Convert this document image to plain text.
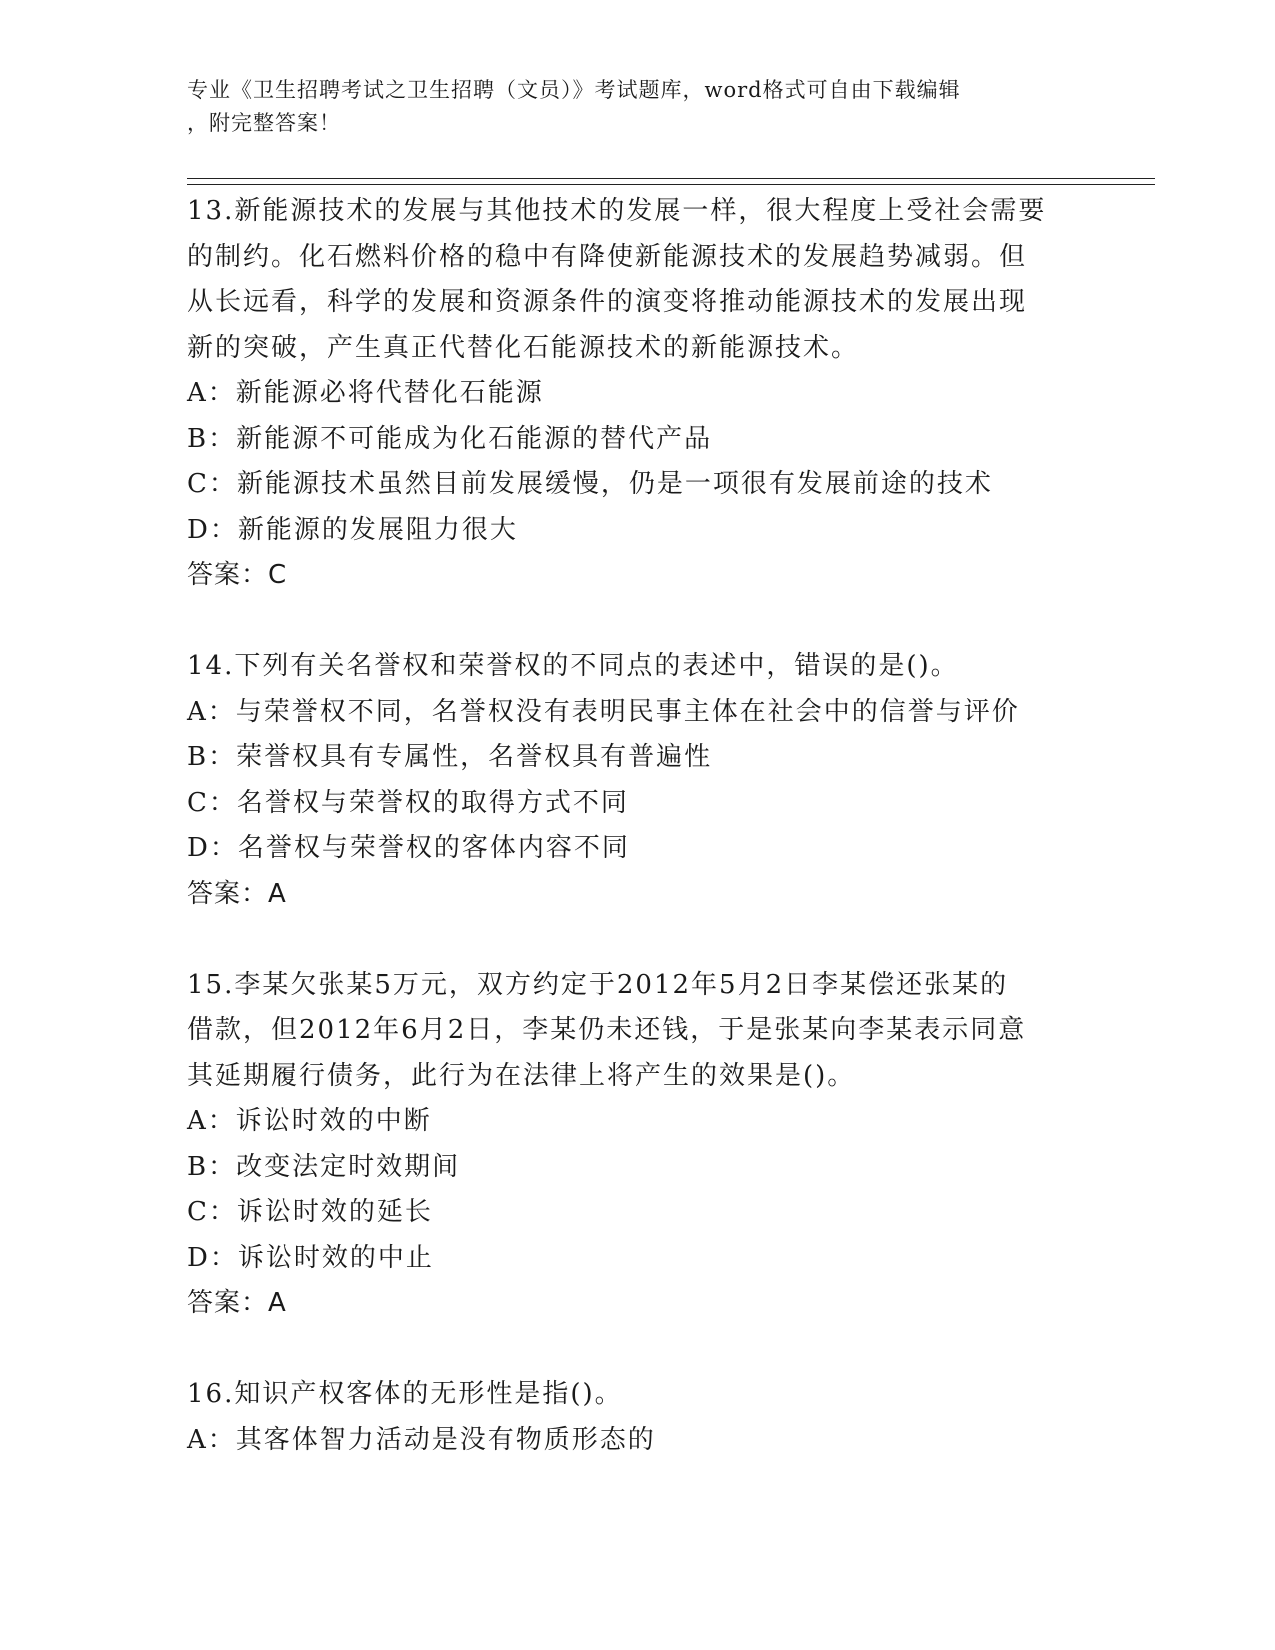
专业《卫生招聘考试之卫生招聘（文员）》考试题库，word格式可自由下载编辑
，附完整答案！
13.新能源技术的发展与其他技术的发展一样，很大程度上受社会需要
的制约。化石燃料价格的稳中有降使新能源技术的发展趋势减弱。但
从长远看，科学的发展和资源条件的演变将推动能源技术的发展出现
新的突破，产生真正代替化石能源技术的新能源技术。
A：新能源必将代替化石能源
B：新能源不可能成为化石能源的替代产品
C：新能源技术虽然目前发展缓慢，仍是一项很有发展前途的技术
D：新能源的发展阻力很大
答案：C
14.下列有关名誉权和荣誉权的不同点的表述中，错误的是()。
A：与荣誉权不同，名誉权没有表明民事主体在社会中的信誉与评价
B：荣誉权具有专属性，名誉权具有普遍性
C：名誉权与荣誉权的取得方式不同
D：名誉权与荣誉权的客体内容不同
答案：A
15.李某欠张某5万元，双方约定于2012年5月2日李某偿还张某的
借款，但2012年6月2日，李某仍未还钱，于是张某向李某表示同意
其延期履行债务，此行为在法律上将产生的效果是()。
A：诉讼时效的中断
B：改变法定时效期间
C：诉讼时效的延长
D：诉讼时效的中止
答案：A
16.知识产权客体的无形性是指()。
A：其客体智力活动是没有物质形态的
